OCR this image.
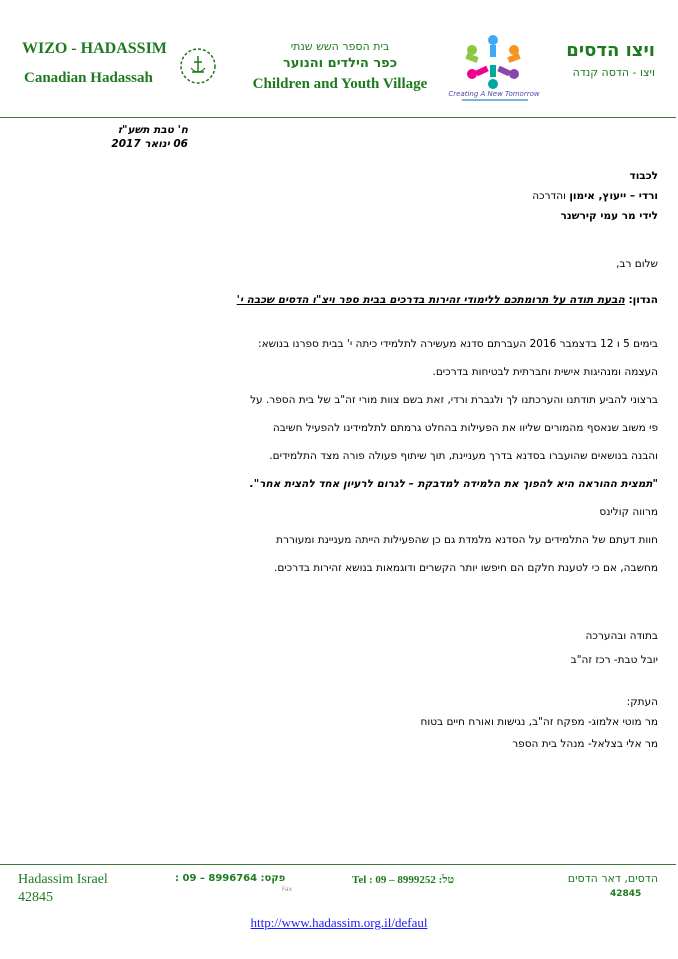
WIZO - HADASSIM
Canadian Hadassah
בית הספר השש שנתי
כפר הילדים והנוער
Children and Youth Village
Creating A New Tomorrow
ויצו הדסים
ויצו - הדסה קנדה
ח' טבת תשע"ז
06 ינואר 2017
לכבוד
ורדי – ייעוץ, אימון והדרכה
לידי מר עמי קירשנר
שלום רב,
הנדון: הבעת תודה על תרומתכם ללימודי זהירות בדרכים בבית ספר ויצ"ו הדסים שכבה י'
בימים 5 ו 12 בדצמבר 2016 העברתם סדנא מעשירה לתלמידי כיתה י' בבית ספרנו בנושא:
העצמה ומנהיגות אישית וחברתית לבטיחות בדרכים.
ברצוני להביע תודתנו והערכתנו לך ולגברת ורדי, זאת בשם צוות מורי זה"ב של בית הספר. על
פי משוב שנאסף מהמורים שליוו את הפעילות בהחלט גרמתם לתלמידינו להפעיל חשיבה
והבנה בנושאים שהועברו בסדנא בדרך מעניינת, תוך שיתוף פעולה פורה מצד התלמידים.
"תמצית ההוראה היא להפוך את הלמידה למדבקת – לגרום לרעיון אחד להצית אחר".
מרווה קולינס
חוות דעתם של התלמידים על הסדנא מלמדת גם כן שהפעילות הייתה מעניינת ומעוררת
מחשבה, אם כי לטענת חלקם הם חיפשו יותר הקשרים ודוגמאות בנושא זהירות בדרכים.
בתודה ובהערכה
יובל טבת- רכז זה"ב
העתק:
מר מוטי אלמוג- מפקח זה"ב, נגישות ואורח חיים בטוח
מר אלי בצלאל- מנהל בית הספר
Hadassim Israel
42845
: 09 – 8996764 :פקס
Fax
Tel : 09 – 8999252 :טל	הדסים, דאר הדסים
42845
http://www.hadassim.org.il/defaul
